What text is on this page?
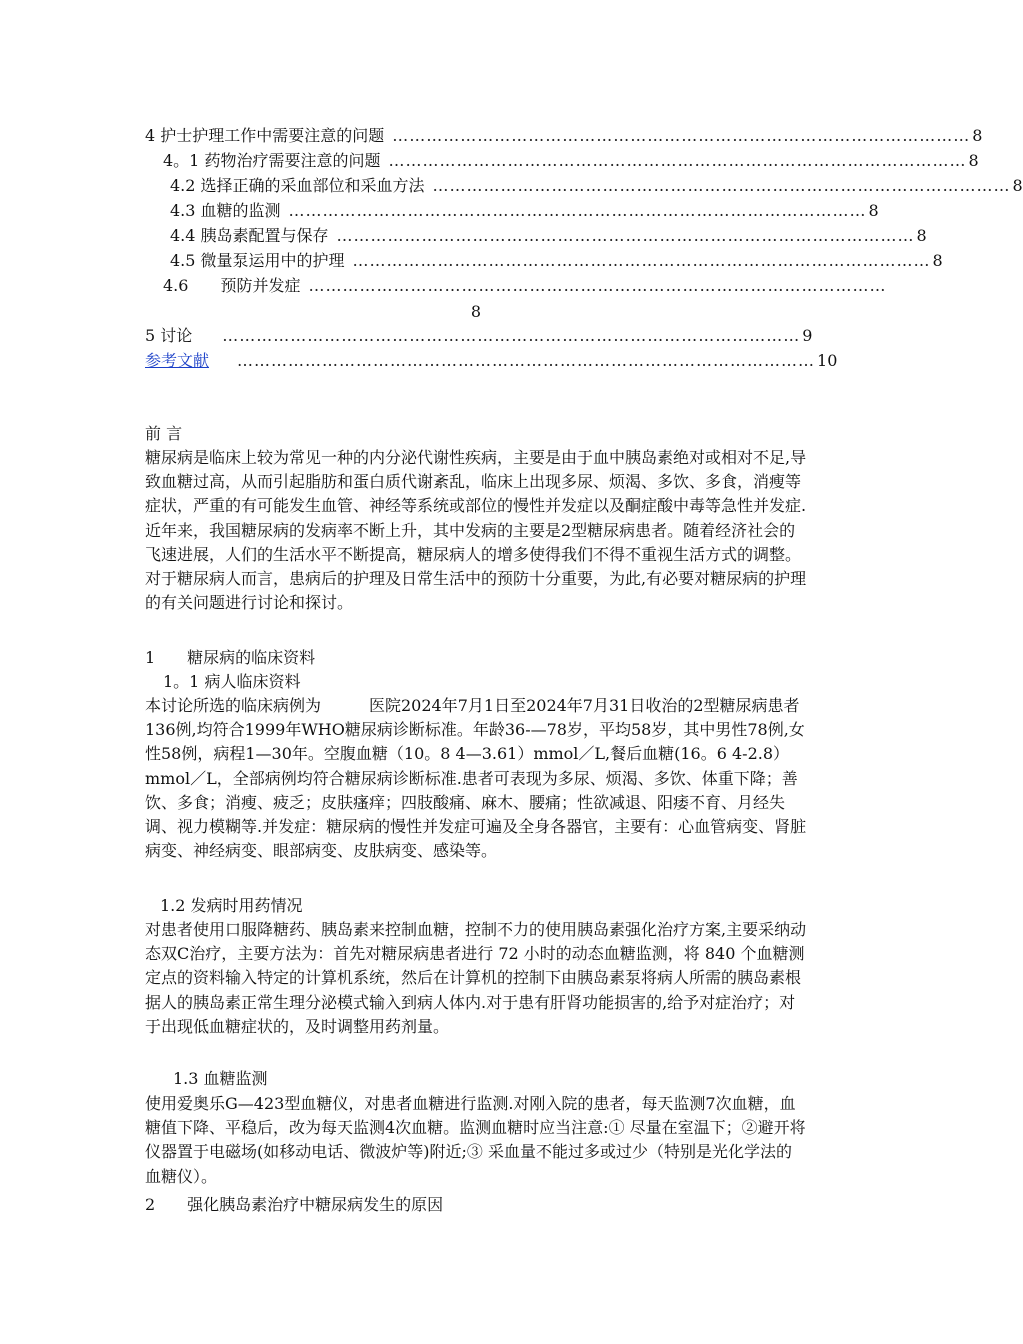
4 护士护理工作中需要注意的问题 ………………………………………………………………………………………… 8
4。1 药物治疗需要注意的问题 ………………………………………………………………………………………… 8
4.2 选择正确的采血部位和采血方法 ………………………………………………………………………………………… 8
4.3 血糖的监测 ………………………………………………………………………………………… 8
4.4 胰岛素配置与保存 ………………………………………………………………………………………… 8
4.5 微量泵运用中的护理 ………………………………………………………………………………………… 8
4.6　　预防并发症 …………………………………………………………………………………………
8
5 讨论	………………………………………………………………………………………… 9
参考文献 ………………………………………………………………………………………… 10
前 言

糖尿病是临床上较为常见一种的内分泌代谢性疾病，主要是由于血中胰岛素绝对或相对不足,导致血糖过高，从而引起脂肪和蛋白质代谢紊乱，临床上出现多尿、烦渴、多饮、多食，消瘦等症状，严重的有可能发生血管、神经等系统或部位的慢性并发症以及酮症酸中毒等急性并发症.近年来，我国糖尿病的发病率不断上升，其中发病的主要是2型糖尿病患者。随着经济社会的飞速进展，人们的生活水平不断提高，糖尿病人的增多使得我们不得不重视生活方式的调整。对于糖尿病人而言，患病后的护理及日常生活中的预防十分重要，为此,有必要对糖尿病的护理的有关问题进行讨论和探讨。

1　　糖尿病的临床资料
1。1 病人临床资料

本讨论所选的临床病例为　　　医院2024年7月1日至2024年7月31日收治的2型糖尿病患者136例,均符合1999年WHO糖尿病诊断标准。年龄36-—78岁，平均58岁，其中男性78例,女性58例，病程1—30年。空腹血糖（10。8 4—3.61）mmol／L,餐后血糖(16。6 4-2.8）mmol／L，全部病例均符合糖尿病诊断标准.患者可表现为多尿、烦渴、多饮、体重下降；善饮、多食；消瘦、疲乏；皮肤瘙痒；四肢酸痛、麻木、腰痛；性欲减退、阳痿不育、月经失调、视力模糊等.并发症：糖尿病的慢性并发症可遍及全身各器官，主要有：心血管病变、肾脏病变、神经病变、眼部病变、皮肤病变、感染等。

1.2 发病时用药情况

对患者使用口服降糖药、胰岛素来控制血糖，控制不力的使用胰岛素强化治疗方案,主要采纳动态双C治疗，主要方法为：首先对糖尿病患者进行 72 小时的动态血糖监测，将 840 个血糖测定点的资料输入特定的计算机系统，然后在计算机的控制下由胰岛素泵将病人所需的胰岛素根据人的胰岛素正常生理分泌模式输入到病人体内.对于患有肝肾功能损害的,给予对症治疗；对于出现低血糖症状的，及时调整用药剂量。

1.3 血糖监测

使用爱奥乐G—423型血糖仪，对患者血糖进行监测.对刚入院的患者，每天监测7次血糖，血糖值下降、平稳后，改为每天监测4次血糖。监测血糖时应当注意:① 尽量在室温下；②避开将仪器置于电磁场(如移动电话、微波炉等)附近;③ 采血量不能过多或过少（特别是光化学法的血糖仪）。

2　　强化胰岛素治疗中糖尿病发生的原因
